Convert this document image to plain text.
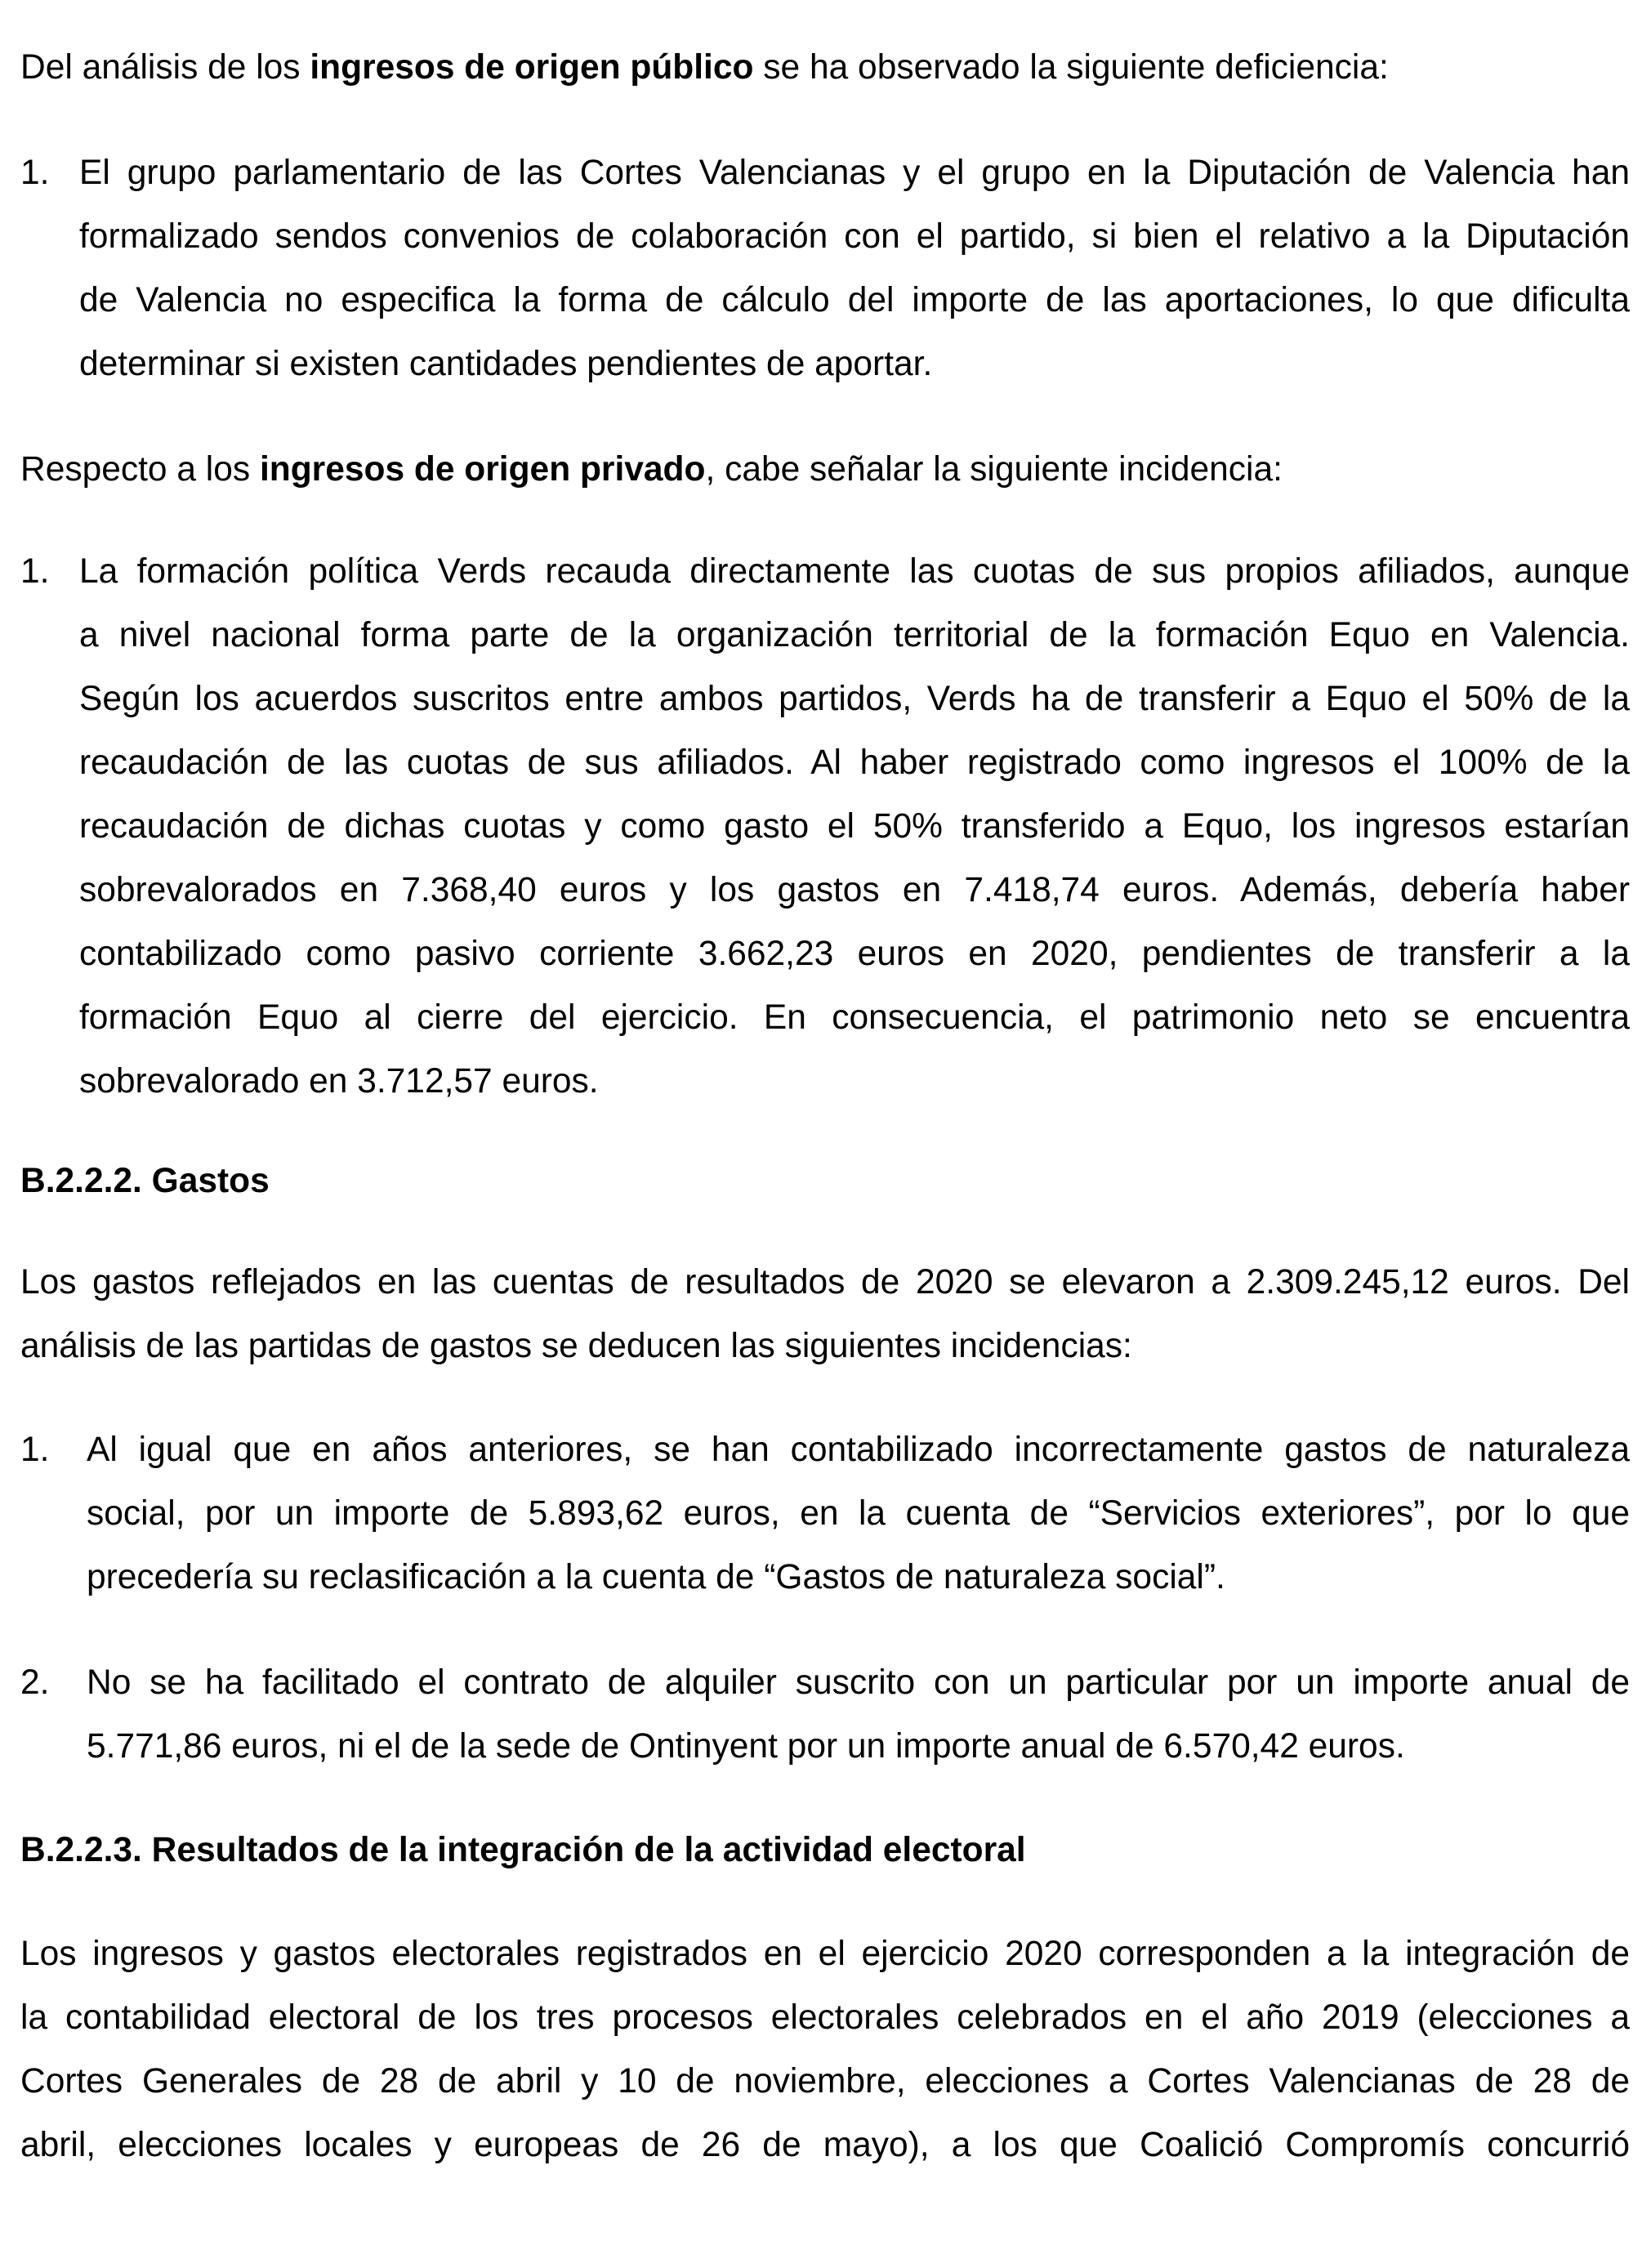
Del análisis de los ingresos de origen público se ha observado la siguiente deficiencia:
1. El grupo parlamentario de las Cortes Valencianas y el grupo en la Diputación de Valencia han
formalizado sendos convenios de colaboración con el partido, si bien el relativo a la Diputación
de Valencia no especifica la forma de cálculo del importe de las aportaciones, lo que dificulta
determinar si existen cantidades pendientes de aportar.
Respecto a los ingresos de origen privado, cabe señalar la siguiente incidencia:
1. La formación política Verds recauda directamente las cuotas de sus propios afiliados, aunque
a nivel nacional forma parte de la organización territorial de la formación Equo en Valencia.
Según los acuerdos suscritos entre ambos partidos, Verds ha de transferir a Equo el 50% de la
recaudación de las cuotas de sus afiliados. Al haber registrado como ingresos el 100% de la
recaudación de dichas cuotas y como gasto el 50% transferido a Equo, los ingresos estarían
sobrevalorados en 7.368,40 euros y los gastos en 7.418,74 euros. Además, debería haber
contabilizado como pasivo corriente 3.662,23 euros en 2020, pendientes de transferir a la
formación Equo al cierre del ejercicio. En consecuencia, el patrimonio neto se encuentra
sobrevalorado en 3.712,57 euros.
B.2.2.2. Gastos
Los gastos reflejados en las cuentas de resultados de 2020 se elevaron a 2.309.245,12 euros. Del
análisis de las partidas de gastos se deducen las siguientes incidencias:
1. Al igual que en años anteriores, se han contabilizado incorrectamente gastos de naturaleza
social, por un importe de 5.893,62 euros, en la cuenta de “Servicios exteriores”, por lo que
precedería su reclasificación a la cuenta de “Gastos de naturaleza social”.
2. No se ha facilitado el contrato de alquiler suscrito con un particular por un importe anual de
5.771,86 euros, ni el de la sede de Ontinyent por un importe anual de 6.570,42 euros.
B.2.2.3. Resultados de la integración de la actividad electoral
Los ingresos y gastos electorales registrados en el ejercicio 2020 corresponden a la integración de
la contabilidad electoral de los tres procesos electorales celebrados en el año 2019 (elecciones a
Cortes Generales de 28 de abril y 10 de noviembre, elecciones a Cortes Valencianas de 28 de
abril, elecciones locales y europeas de 26 de mayo), a los que Coalició Compromís concurrió
